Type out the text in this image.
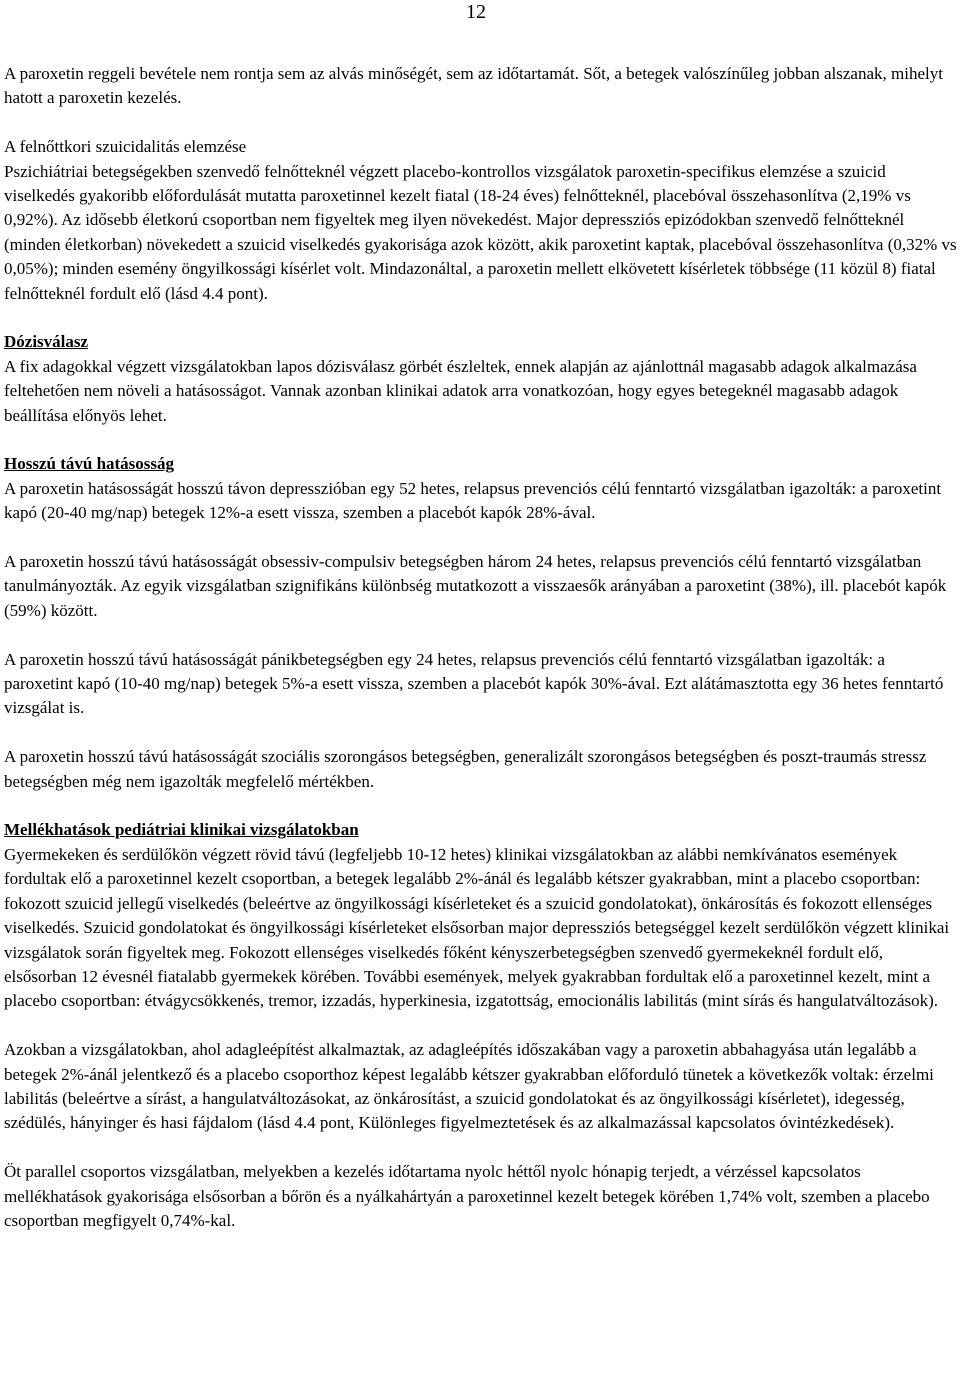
12

A paroxetin reggeli bevétele nem rontja sem az alvás minőségét, sem az időtartamát. Sőt, a betegek valószínűleg jobban alszanak, mihelyt hatott a paroxetin kezelés.

A felnőttkori szuicidalitás elemzése
Pszichiátriai betegségekben szenvedő felnőtteknél végzett placebo-kontrollos vizsgálatok paroxetin-specifikus elemzése a szuicid viselkedés gyakoribb előfordulását mutatta paroxetinnel kezelt fiatal (18-24 éves) felnőtteknél, placebóval összehasonlítva (2,19% vs 0,92%). Az idősebb életkorú csoportban nem figyeltek meg ilyen növekedést. Major depressziós epizódokban szenvedő felnőtteknél (minden életkorban) növekedett a szuicid viselkedés gyakorisága azok között, akik paroxetint kaptak, placebóval összehasonlítva (0,32% vs 0,05%); minden esemény öngyilkossági kísérlet volt. Mindazonáltal, a paroxetin mellett elkövetett kísérletek többsége (11 közül 8) fiatal felnőtteknél fordult elő (lásd 4.4 pont).

Dózisválasz
A fix adagokkal végzett vizsgálatokban lapos dózisválasz görbét észleltek, ennek alapján az ajánlottnál magasabb adagok alkalmazása feltehetően nem növeli a hatásosságot. Vannak azonban klinikai adatok arra vonatkozóan, hogy egyes betegeknél magasabb adagok beállítása előnyös lehet.

Hosszú távú hatásosság
A paroxetin hatásosságát hosszú távon depresszióban egy 52 hetes, relapsus prevenciós célú fenntartó vizsgálatban igazolták: a paroxetint kapó (20-40 mg/nap) betegek 12%-a esett vissza, szemben a placebót kapók 28%-ával.

A paroxetin hosszú távú hatásosságát obsessiv-compulsiv betegségben három 24 hetes, relapsus prevenciós célú fenntartó vizsgálatban tanulmányozták. Az egyik vizsgálatban szignifikáns különbség mutatkozott a visszaesők arányában a paroxetint (38%), ill. placebót kapók (59%) között.

A paroxetin hosszú távú hatásosságát pánikbetegségben egy 24 hetes, relapsus prevenciós célú fenntartó vizsgálatban igazolták: a paroxetint kapó (10-40 mg/nap) betegek 5%-a esett vissza, szemben a placebót kapók 30%-ával. Ezt alátámasztotta egy 36 hetes fenntartó vizsgálat is.

A paroxetin hosszú távú hatásosságát szociális szorongásos betegségben, generalizált szorongásos betegségben és poszt-traumás stressz betegségben még nem igazolták megfelelő mértékben.

Mellékhatások pediátriai klinikai vizsgálatokban
Gyermekeken és serdülőkön végzett rövid távú (legfeljebb 10-12 hetes) klinikai vizsgálatokban az alábbi nemkívánatos események fordultak elő a paroxetinnel kezelt csoportban, a betegek legalább 2%-ánál és legalább kétszer gyakrabban, mint a placebo csoportban: fokozott szuicid jellegű viselkedés (beleértve az öngyilkossági kísérleteket és a szuicid gondolatokat), önkárosítás és fokozott ellenséges viselkedés. Szuicid gondolatokat és öngyilkossági kísérleteket elsősorban major depressziós betegséggel kezelt serdülőkön végzett klinikai vizsgálatok során figyeltek meg. Fokozott ellenséges viselkedés főként kényszerbetegségben szenvedő gyermekeknél fordult elő, elsősorban 12 évesnél fiatalabb gyermekek körében. További események, melyek gyakrabban fordultak elő a paroxetinnel kezelt, mint a placebo csoportban: étvágycsökkenés, tremor, izzadás, hyperkinesia, izgatottság, emocionális labilitás (mint sírás és hangulatváltozások).

Azokban a vizsgálatokban, ahol adagleépítést alkalmaztak, az adagleépítés időszakában vagy a paroxetin abbahagyása után legalább a betegek 2%-ánál jelentkező és a placebo csoporthoz képest legalább kétszer gyakrabban előforduló tünetek a következők voltak: érzelmi labilitás (beleértve a sírást, a hangulatváltozásokat, az önkárosítást, a szuicid gondolatokat és az öngyilkossági kísérletet), idegesség, szédülés, hányinger és hasi fájdalom (lásd 4.4 pont, Különleges figyelmeztetések és az alkalmazással kapcsolatos óvintézkedések).

Öt parallel csoportos vizsgálatban, melyekben a kezelés időtartama nyolc héttől nyolc hónapig terjedt, a vérzéssel kapcsolatos mellékhatások gyakorisága elsősorban a bőrön és a nyálkahártyán a paroxetinnel kezelt betegek körében 1,74% volt, szemben a placebo csoportban megfigyelt 0,74%-kal.
